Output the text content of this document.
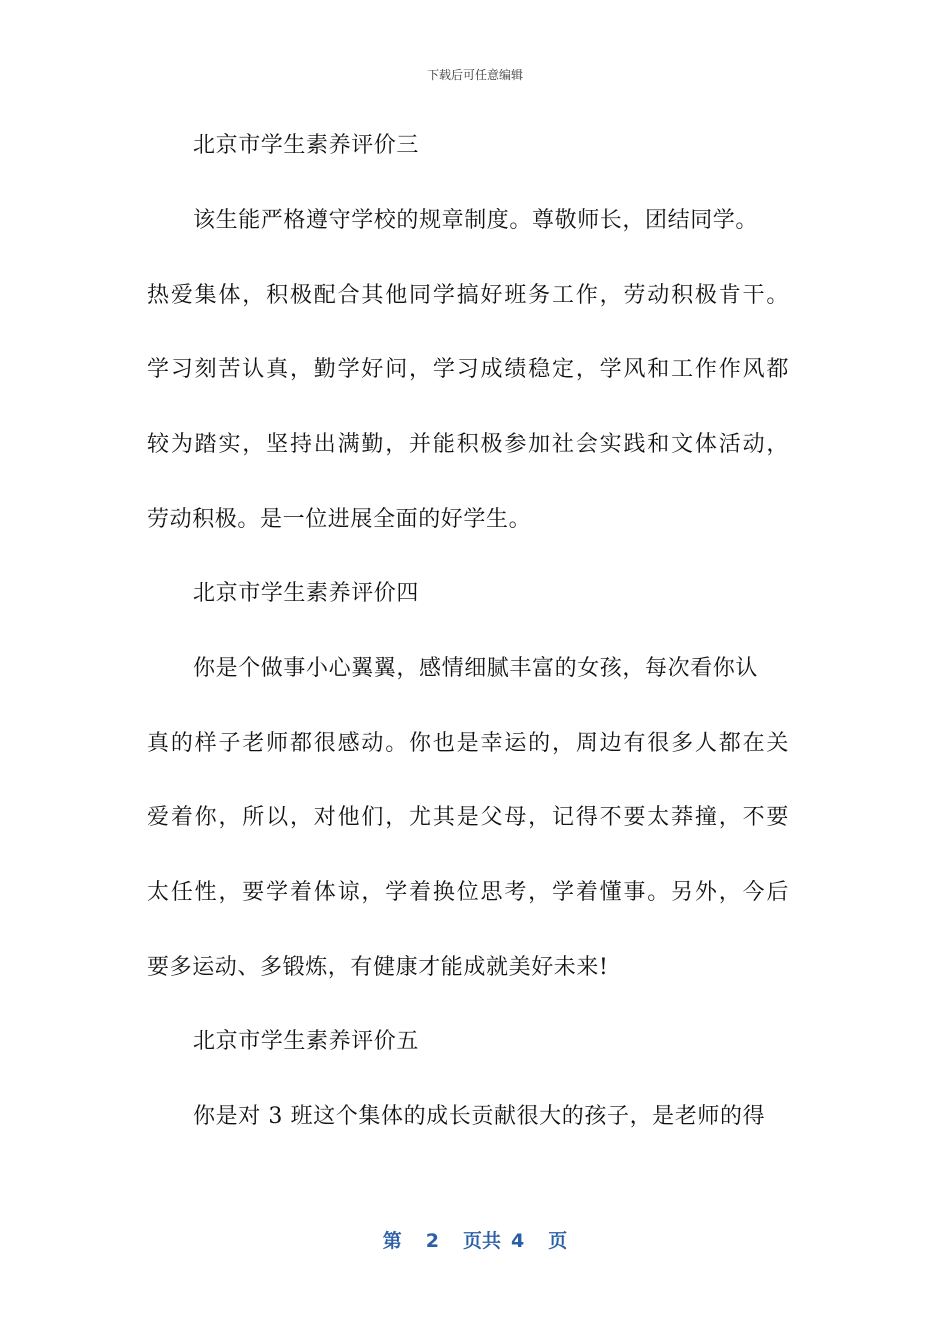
下载后可任意编辑
北京市学生素养评价三
该生能严格遵守学校的规章制度。尊敬师长，团结同学。
热爱集体，积极配合其他同学搞好班务工作，劳动积极肯干。
学习刻苦认真，勤学好问，学习成绩稳定，学风和工作作风都
较为踏实，坚持出满勤，并能积极参加社会实践和文体活动，
劳动积极。是一位进展全面的好学生。
北京市学生素养评价四
你是个做事小心翼翼，感情细腻丰富的女孩，每次看你认
真的样子老师都很感动。你也是幸运的，周边有很多人都在关
爱着你，所以，对他们，尤其是父母，记得不要太莽撞，不要
太任性，要学着体谅，学着换位思考，学着懂事。另外，今后
要多运动、多锻炼，有健康才能成就美好未来!
北京市学生素养评价五
你是对 3 班这个集体的成长贡献很大的孩子，是老师的得
第 2 页共 4 页
